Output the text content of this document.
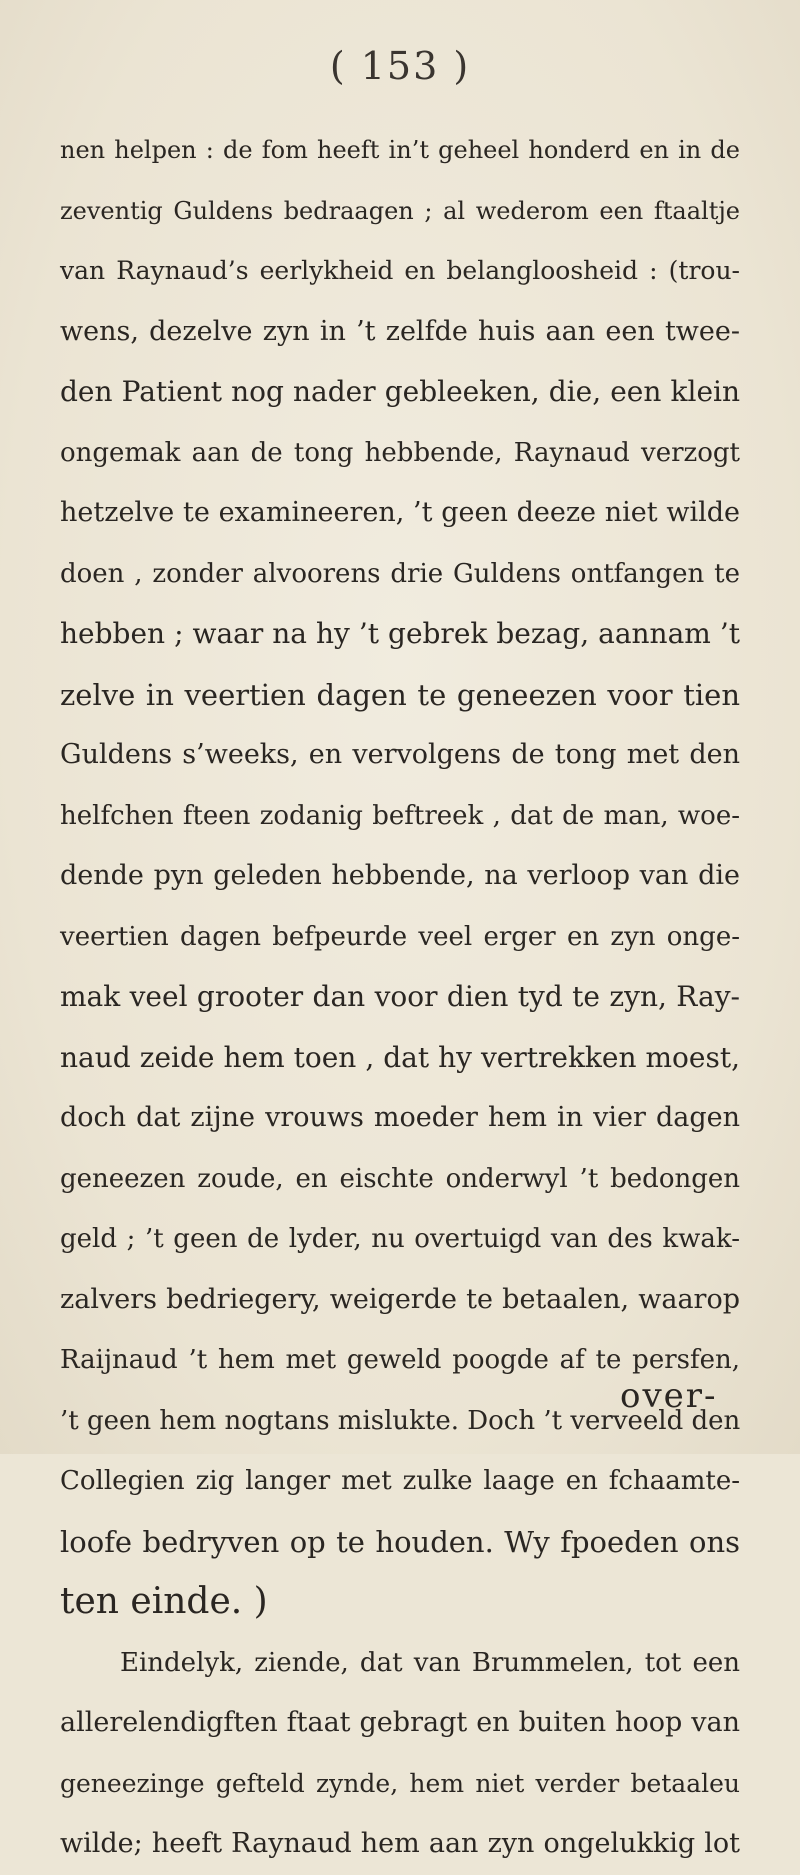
( 153 )
nen helpen : de fom heeft in’t geheel honderd en in de
zeventig Guldens bedraagen ; al wederom een ftaaltje
van Raynaud’s eerlykheid en belangloosheid : (trou-
wens, dezelve zyn in ’t zelfde huis aan een twee-
den Patient nog nader gebleeken, die, een klein
ongemak aan de tong hebbende, Raynaud verzogt
hetzelve te examineeren, ’t geen deeze niet wilde
doen , zonder alvoorens drie Guldens ontfangen te
hebben ; waar na hy ’t gebrek bezag, aannam ’t
zelve in veertien dagen te geneezen voor tien
Guldens s’weeks, en vervolgens de tong met den
helfchen fteen zodanig beftreek , dat de man, woe-
dende pyn geleden hebbende, na verloop van die
veertien dagen befpeurde veel erger en zyn onge-
mak veel grooter dan voor dien tyd te zyn, Ray-
naud zeide hem toen , dat hy vertrekken moest,
doch dat zijne vrouws moeder hem in vier dagen
geneezen zoude, en eischte onderwyl ’t bedongen
geld ; ’t geen de lyder, nu overtuigd van des kwak-
zalvers bedriegery, weigerde te betaalen, waarop
Raijnaud ’t hem met geweld poogde af te persfen,
’t geen hem nogtans mislukte. Doch ’t verveeld den
Collegien zig langer met zulke laage en fchaamte-
loofe bedryven op te houden. Wy fpoeden ons
ten einde. )
Eindelyk, ziende, dat van Brummelen, tot een
allerelendigften ftaat gebragt en buiten hoop van
geneezinge gefteld zynde, hem niet verder betaaleu
wilde; heeft Raynaud hem aan zyn ongelukkig lot
over-
